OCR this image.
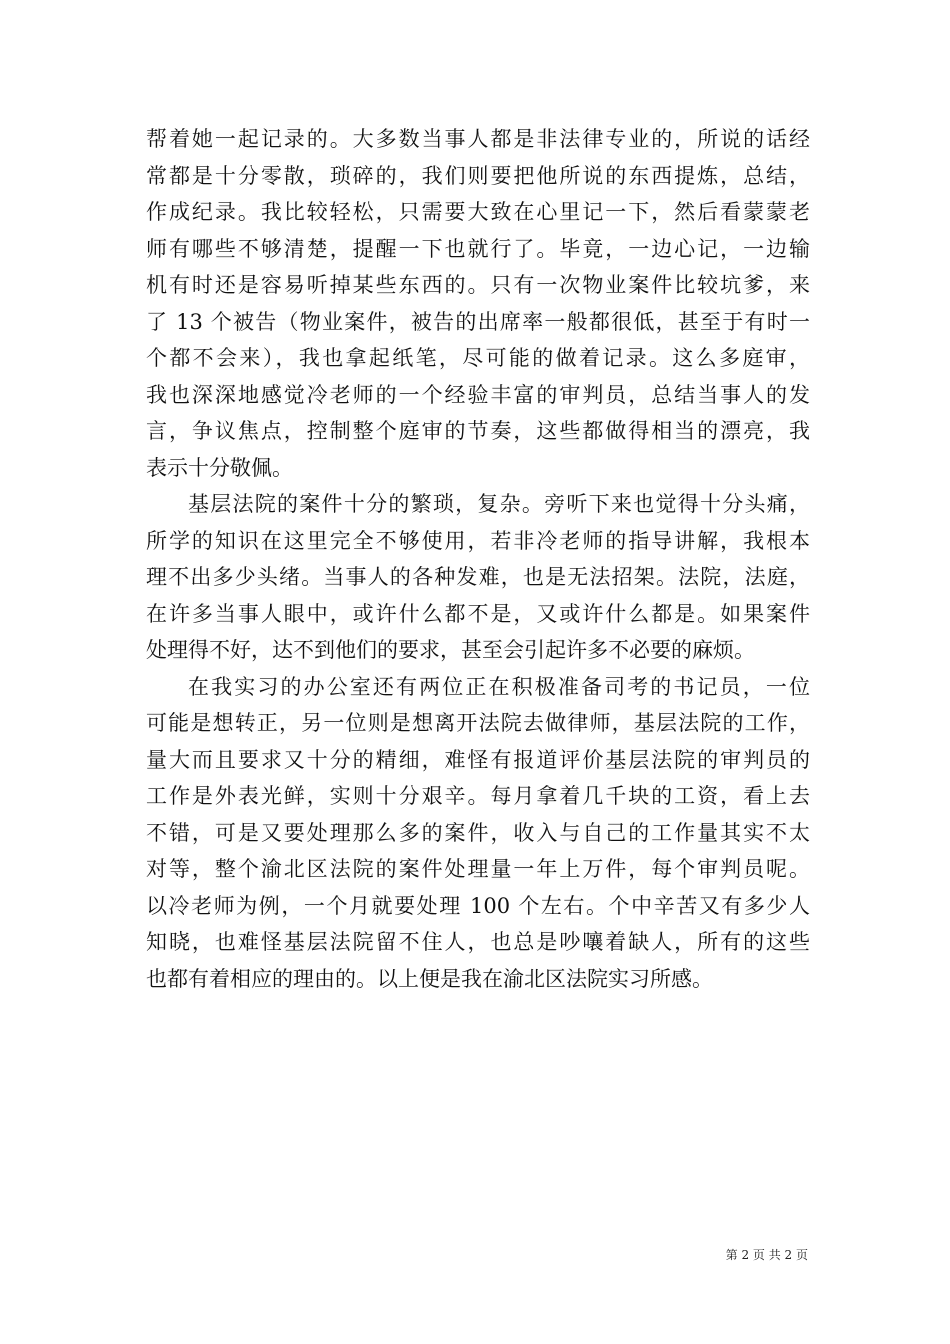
帮着她一起记录的。大多数当事人都是非法律专业的，所说的话经
常都是十分零散，琐碎的，我们则要把他所说的东西提炼，总结，
作成纪录。我比较轻松，只需要大致在心里记一下，然后看蒙蒙老
师有哪些不够清楚，提醒一下也就行了。毕竟，一边心记，一边输
机有时还是容易听掉某些东西的。只有一次物业案件比较坑爹，来
了 13 个被告（物业案件，被告的出席率一般都很低，甚至于有时一
个都不会来），我也拿起纸笔，尽可能的做着记录。这么多庭审，
我也深深地感觉冷老师的一个经验丰富的审判员，总结当事人的发
言，争议焦点，控制整个庭审的节奏，这些都做得相当的漂亮，我
表示十分敬佩。

基层法院的案件十分的繁琐，复杂。旁听下来也觉得十分头痛，
所学的知识在这里完全不够使用，若非冷老师的指导讲解，我根本
理不出多少头绪。当事人的各种发难，也是无法招架。法院，法庭，
在许多当事人眼中，或许什么都不是，又或许什么都是。如果案件
处理得不好，达不到他们的要求，甚至会引起许多不必要的麻烦。

在我实习的办公室还有两位正在积极准备司考的书记员，一位
可能是想转正，另一位则是想离开法院去做律师，基层法院的工作，
量大而且要求又十分的精细，难怪有报道评价基层法院的审判员的
工作是外表光鲜，实则十分艰辛。每月拿着几千块的工资，看上去
不错，可是又要处理那么多的案件，收入与自己的工作量其实不太
对等，整个渝北区法院的案件处理量一年上万件，每个审判员呢。
以冷老师为例，一个月就要处理 100 个左右。个中辛苦又有多少人
知晓，也难怪基层法院留不住人，也总是吵嚷着缺人，所有的这些
也都有着相应的理由的。以上便是我在渝北区法院实习所感。

第 2 页 共 2 页
